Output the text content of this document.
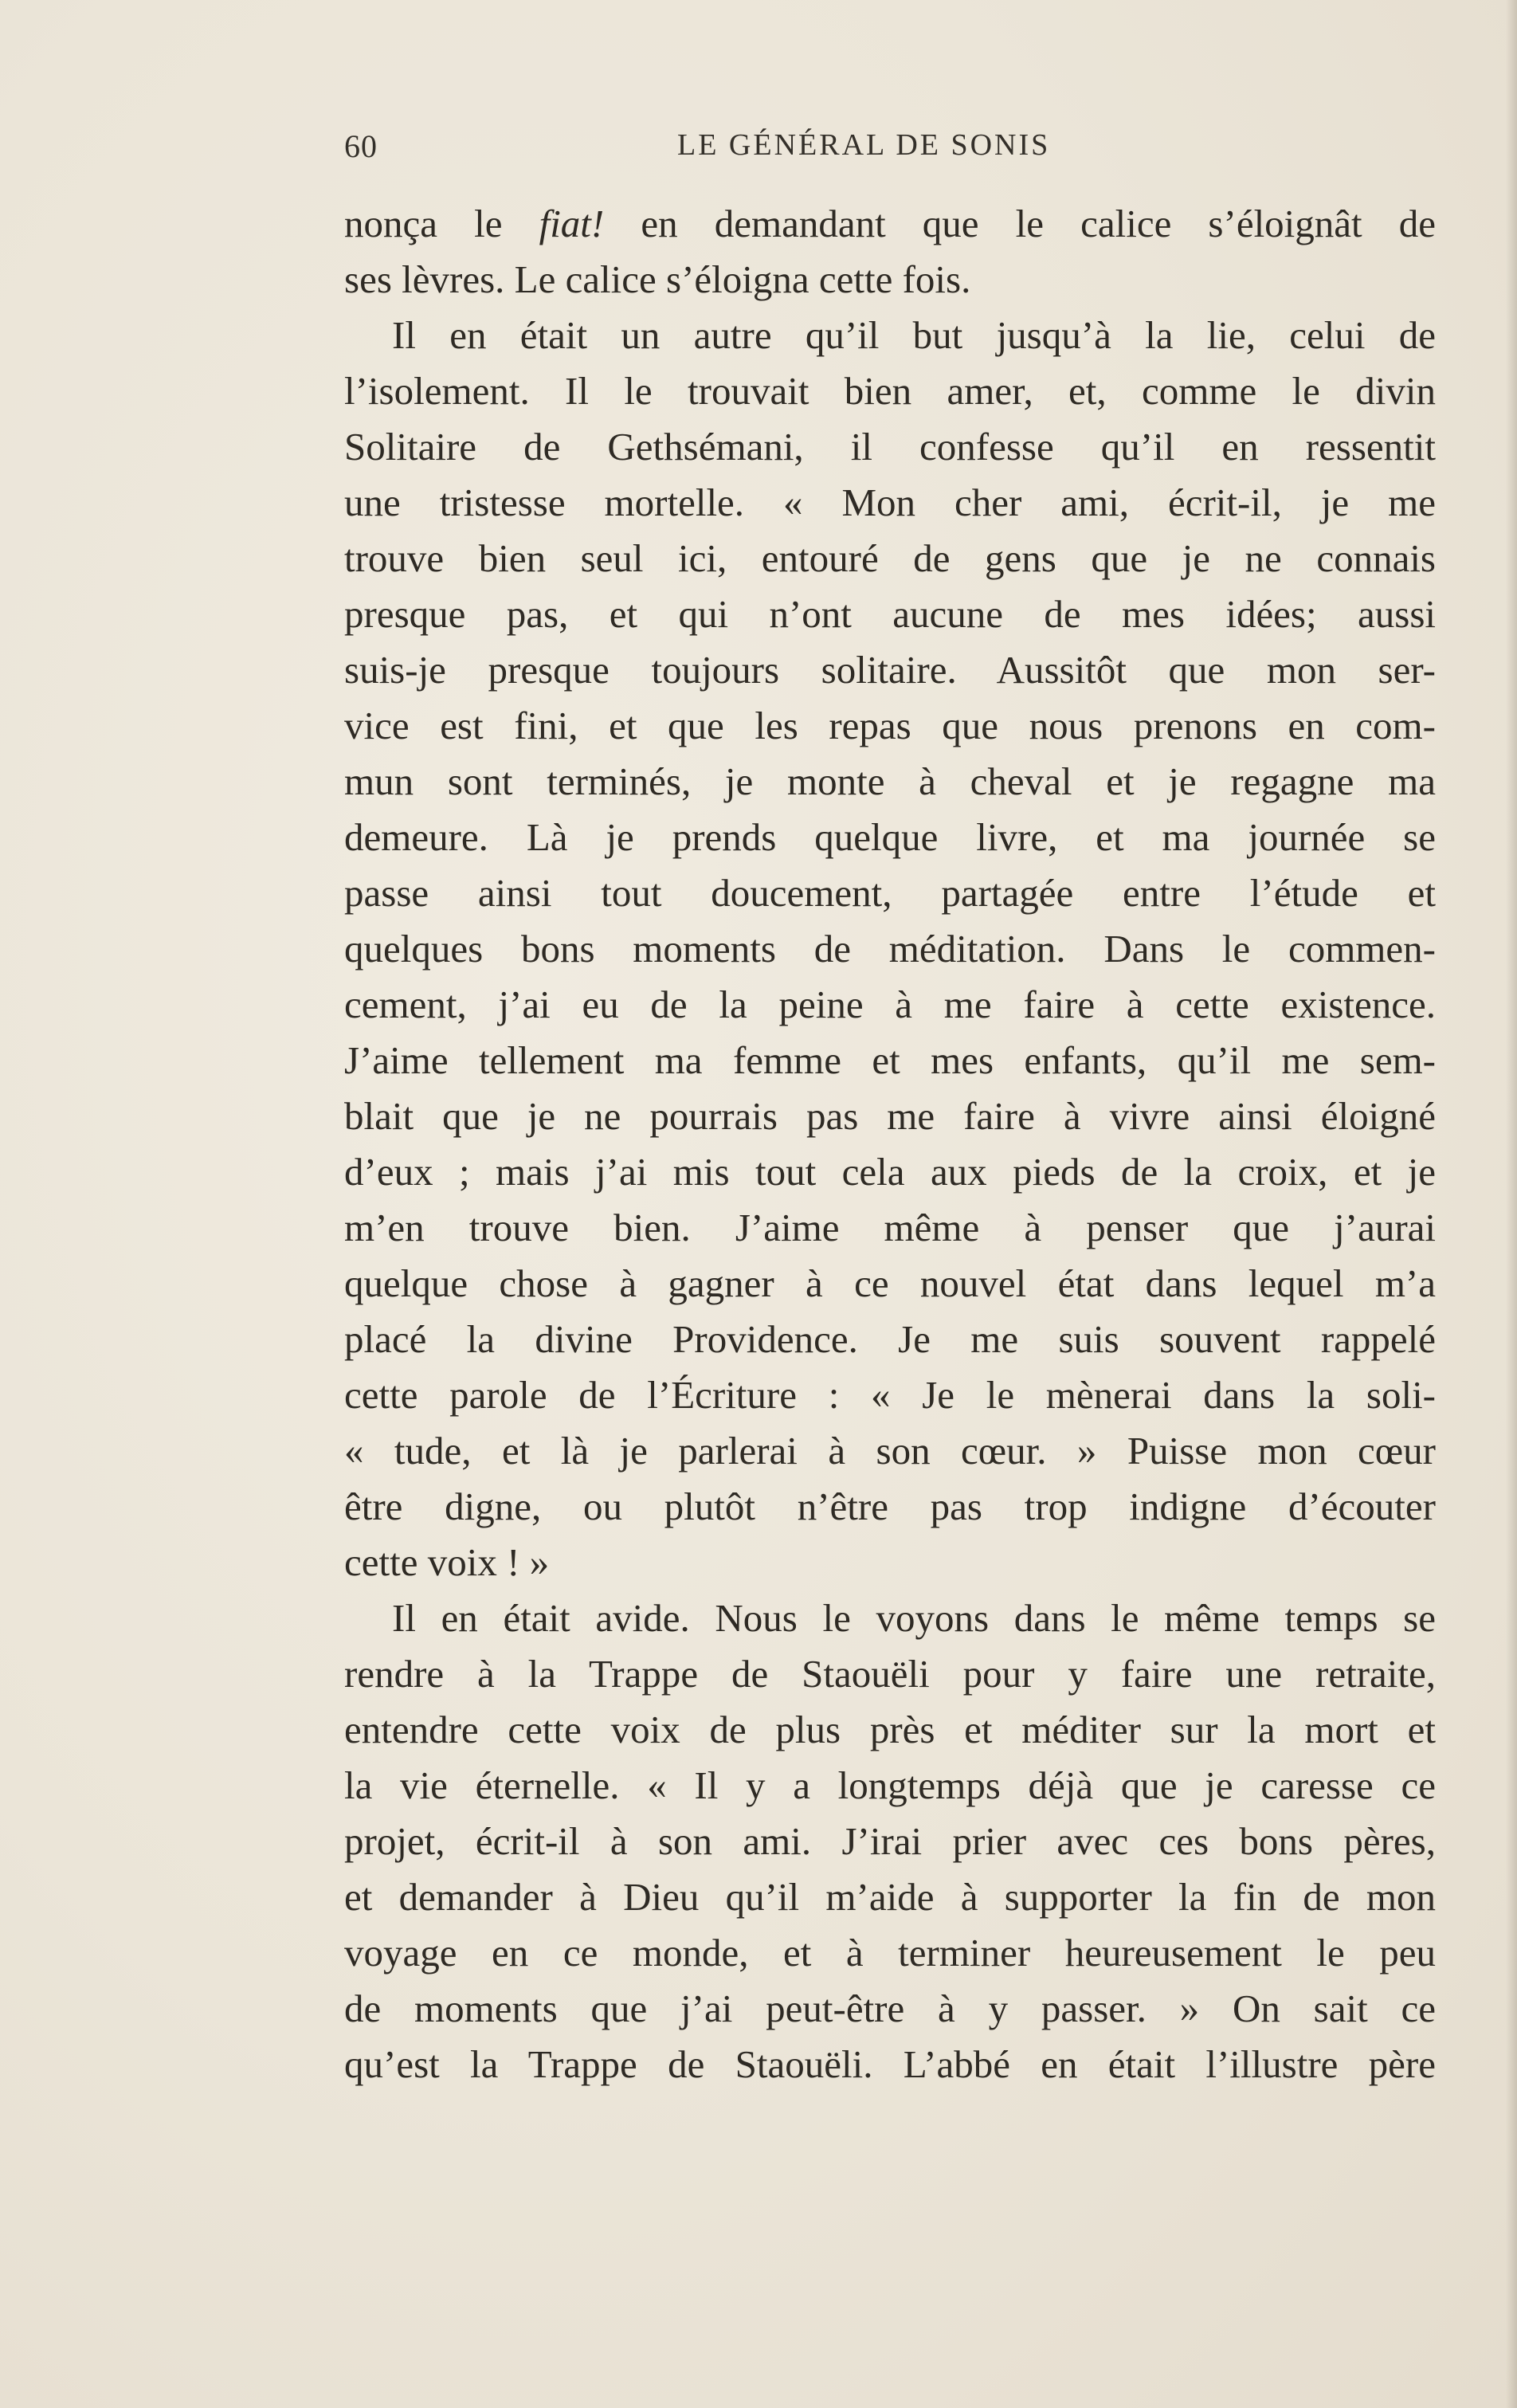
60	LE GÉNÉRAL DE SONIS
nonça le fiat! en demandant que le calice s’éloignât de
ses lèvres. Le calice s’éloigna cette fois.
Il en était un autre qu’il but jusqu’à la lie, celui de
l’isolement. Il le trouvait bien amer, et, comme le divin
Solitaire de Gethsémani, il confesse qu’il en ressentit
une tristesse mortelle. « Mon cher ami, écrit-il, je me
trouve bien seul ici, entouré de gens que je ne connais
presque pas, et qui n’ont aucune de mes idées; aussi
suis-je presque toujours solitaire. Aussitôt que mon ser-
vice est fini, et que les repas que nous prenons en com-
mun sont terminés, je monte à cheval et je regagne ma
demeure. Là je prends quelque livre, et ma journée se
passe ainsi tout doucement, partagée entre l’étude et
quelques bons moments de méditation. Dans le commen-
cement, j’ai eu de la peine à me faire à cette existence.
J’aime tellement ma femme et mes enfants, qu’il me sem-
blait que je ne pourrais pas me faire à vivre ainsi éloigné
d’eux ; mais j’ai mis tout cela aux pieds de la croix, et je
m’en trouve bien. J’aime même à penser que j’aurai
quelque chose à gagner à ce nouvel état dans lequel m’a
placé la divine Providence. Je me suis souvent rappelé
cette parole de l’Écriture : « Je le mènerai dans la soli-
« tude, et là je parlerai à son cœur. » Puisse mon cœur
être digne, ou plutôt n’être pas trop indigne d’écouter
cette voix ! »
Il en était avide. Nous le voyons dans le même temps se
rendre à la Trappe de Staouëli pour y faire une retraite,
entendre cette voix de plus près et méditer sur la mort et
la vie éternelle. « Il y a longtemps déjà que je caresse ce
projet, écrit-il à son ami. J’irai prier avec ces bons pères,
et demander à Dieu qu’il m’aide à supporter la fin de mon
voyage en ce monde, et à terminer heureusement le peu
de moments que j’ai peut-être à y passer. » On sait ce
qu’est la Trappe de Staouëli. L’abbé en était l’illustre père
